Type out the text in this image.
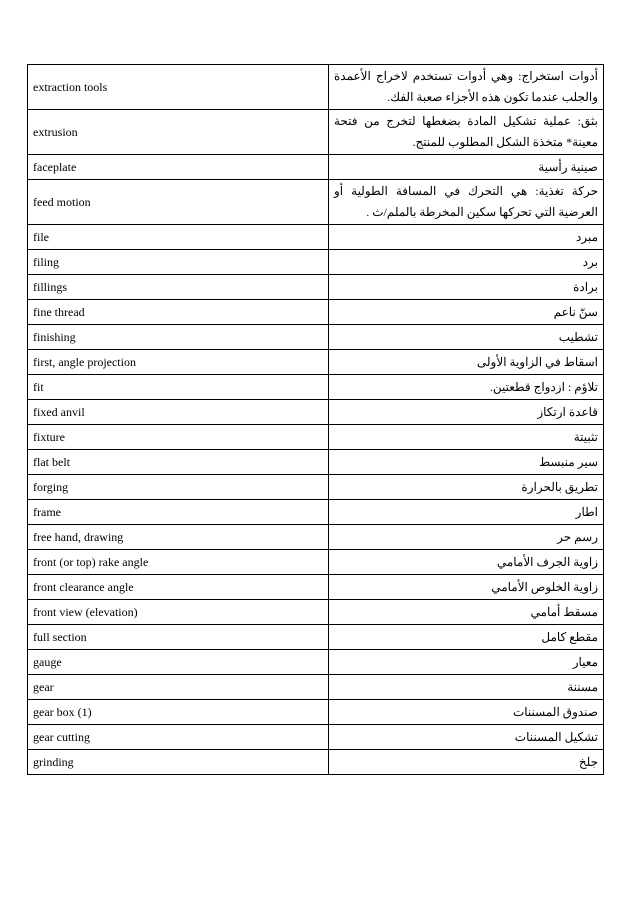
extraction tools	أدوات استخراج: وهي أدوات تستخدم لاخراج الأعمدة والجلب عندما تكون هذه الأجزاء صعبة الفك.
extrusion	بثق: عملية تشكيل المادة بضغطها لتخرج من فتحة معينة* متخذة الشكل المطلوب للمنتج.
faceplate	صينية رأسية
feed motion	حركة تغذية: هي التحرك في المسافة الطولية أو العرضية التي تحركها سكين المخرطة بالملم/ث .
file	مبرد
filing	برد
fillings	برادة
fine thread	سنّ ناعم
finishing	تشطيب
first, angle projection	اسقاط في الزاوية الأولى
fit	تلاؤم : ازدواج قطعتين.
fixed anvil	قاعدة ارتكاز
fixture	تثبيتة
flat belt	سير منبسط
forging	تطريق بالحرارة
frame	اطار
free hand, drawing	رسم حر
front (or top) rake angle	زاوية الجرف الأمامي
front clearance angle	زاوية الخلوص الأمامي
front view (elevation)	مسقط أمامي
full section	مقطع كامل
gauge	معيار
gear	مسننة
gear box (1)	صندوق المسننات
gear cutting	تشكيل المسننات
grinding	جلخ
